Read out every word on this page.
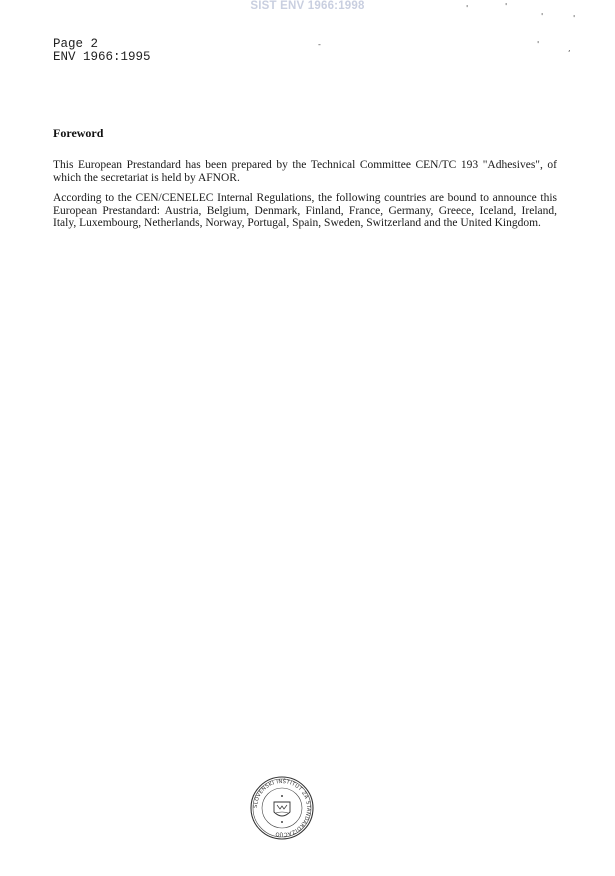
SIST ENV 1966:1998
Page 2
ENV 1966:1995
Foreword
This European Prestandard has been prepared by the Technical Committee CEN/TC 193 "Adhesives", of which the secretariat is held by AFNOR.
According to the CEN/CENELEC Internal Regulations, the following countries are bound to announce this European Prestandard: Austria, Belgium, Denmark, Finland, France, Germany, Greece, Iceland, Ireland, Italy, Luxembourg, Netherlands, Norway, Portugal, Spain, Sweden, Switzerland and the United Kingdom.
'	'
'	'
-	'	,
SLOVENSKI INŠTITUT ZA STANDARDIZACIJO
